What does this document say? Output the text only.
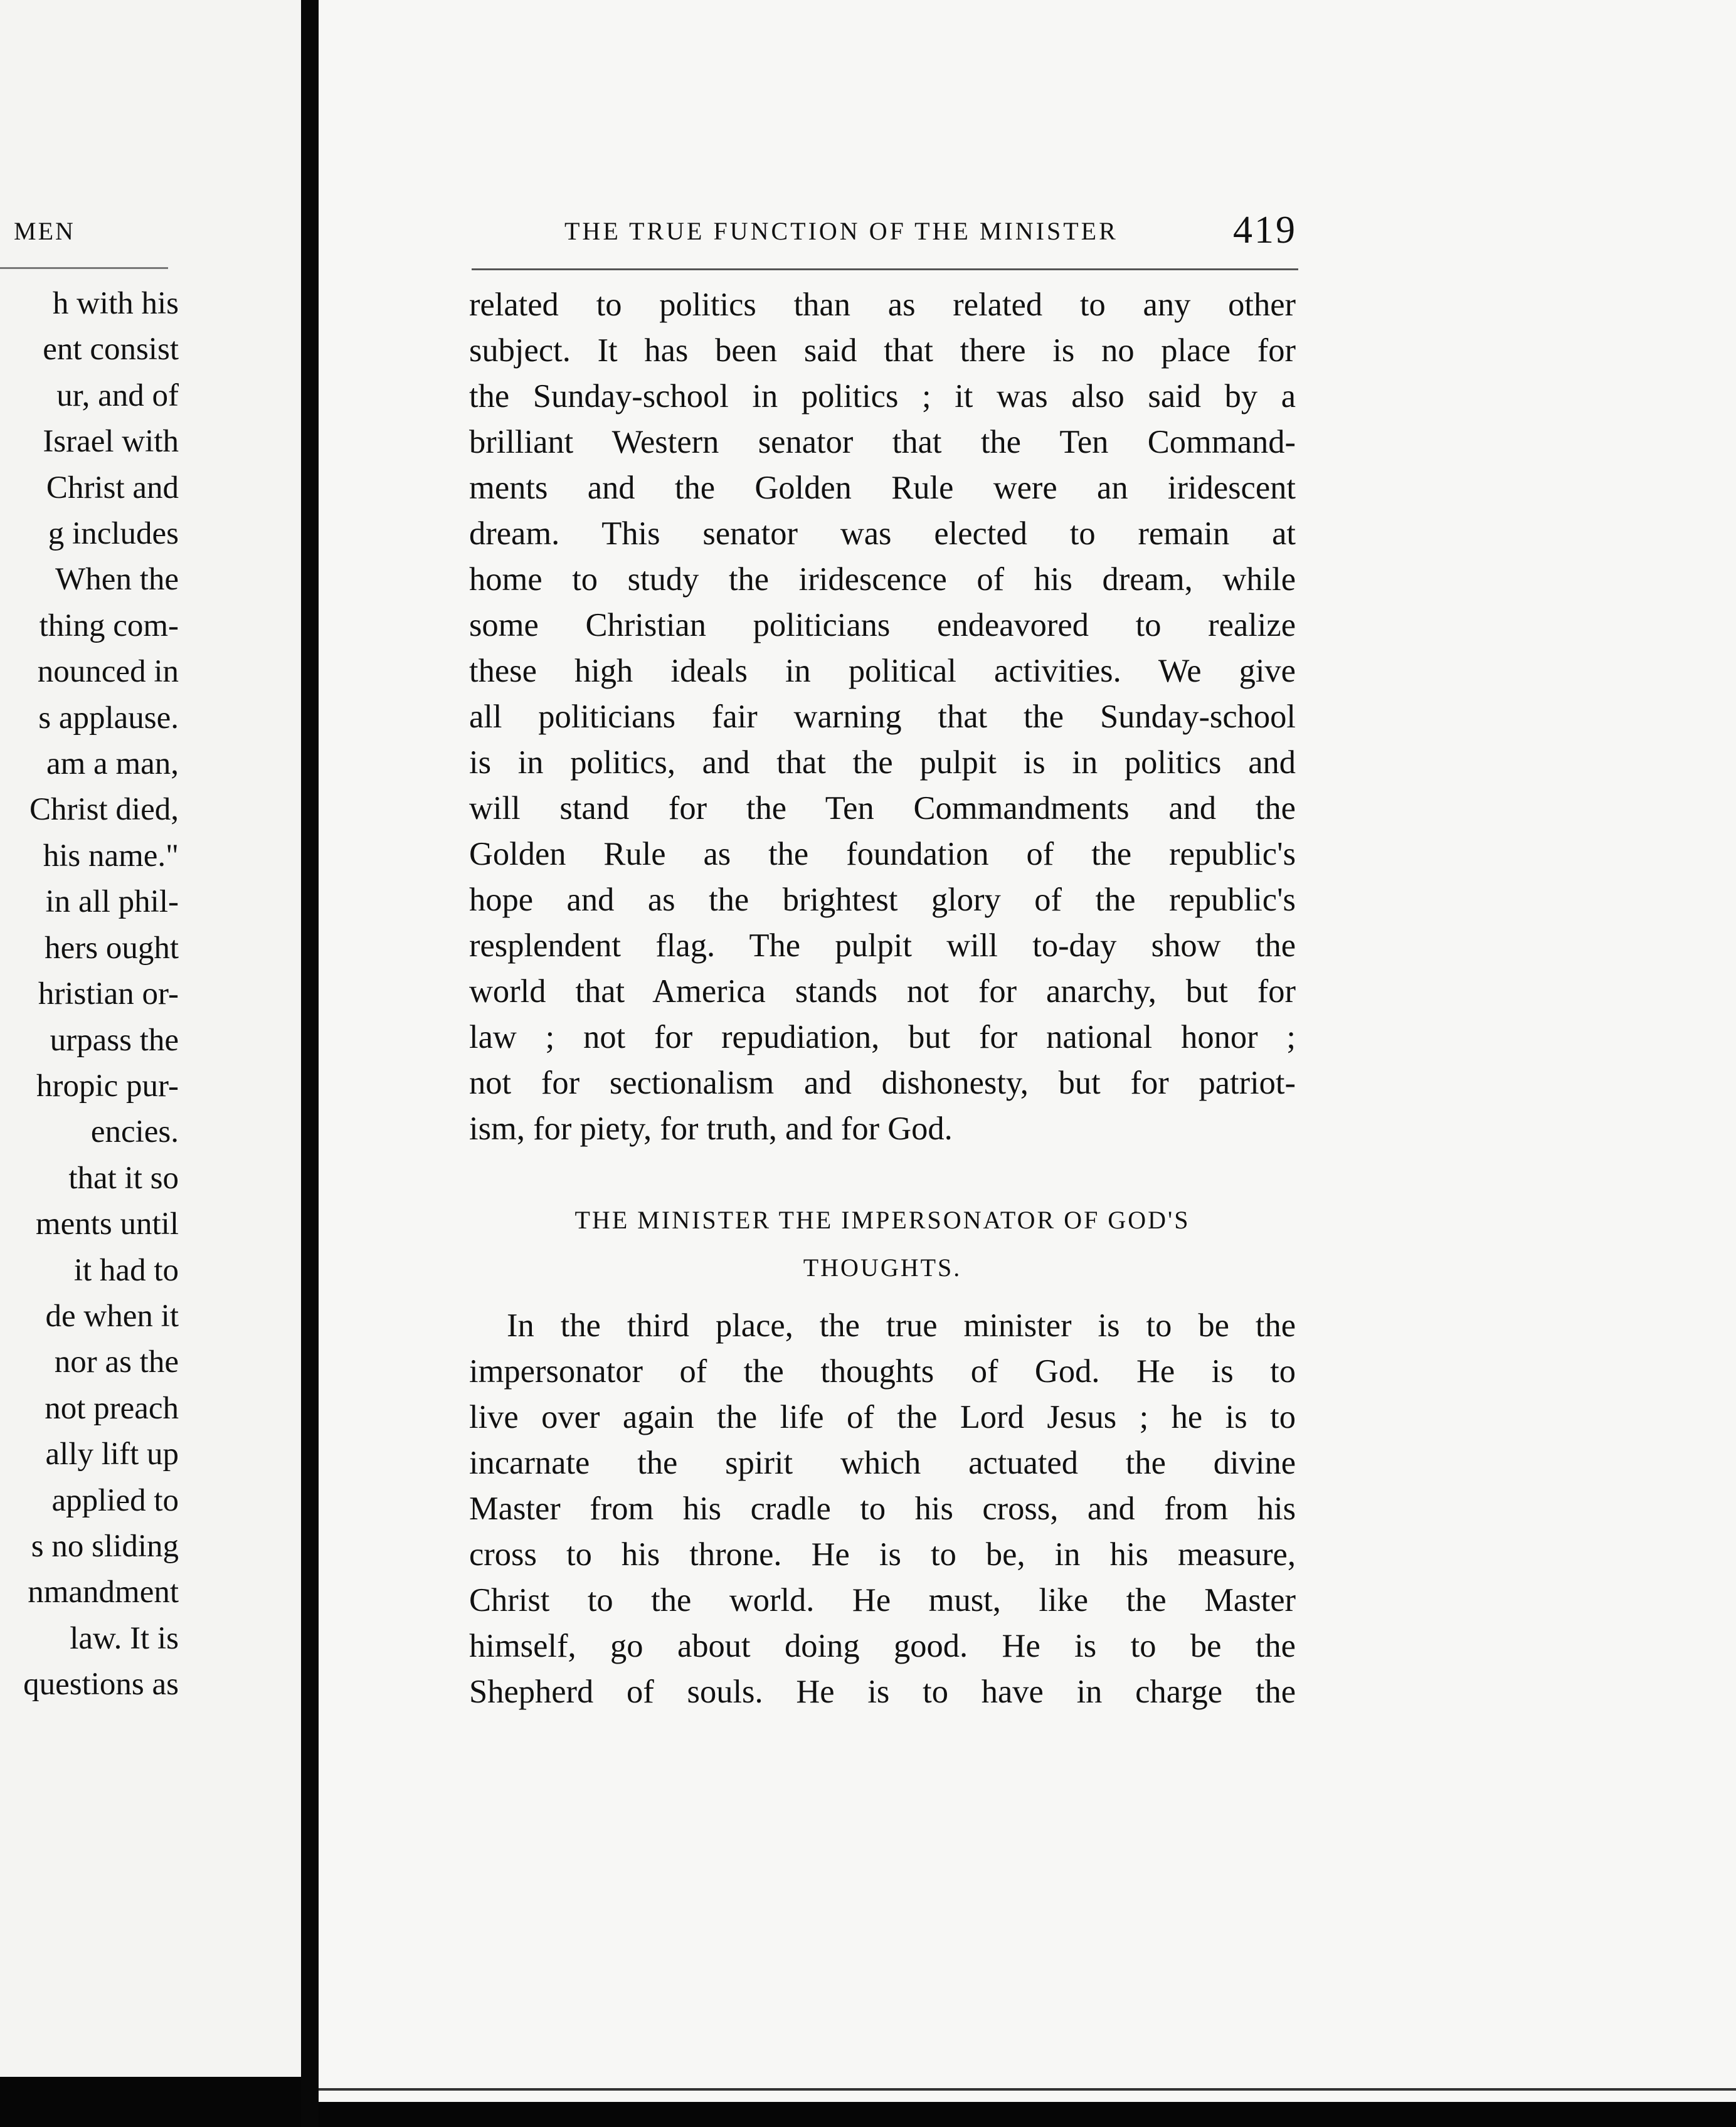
MEN
h with his
ent consist
ur, and of
Israel with
Christ and
g includes
When the
thing com-
nounced in
s applause.
am a man,
Christ died,
his name."
in all phil-
hers ought
hristian or-
urpass the
hropic pur-
encies.
that it so
ments until
it had to
de when it
nor as the
not preach
ally lift up
applied to
s no sliding
nmandment
law. It is
questions as
THE TRUE FUNCTION OF THE MINISTER	419
related to politics than as related to any other
subject. It has been said that there is no place for
the Sunday-school in politics ; it was also said by a
brilliant Western senator that the Ten Command-
ments and the Golden Rule were an iridescent
dream. This senator was elected to remain at
home to study the iridescence of his dream, while
some Christian politicians endeavored to realize
these high ideals in political activities. We give
all politicians fair warning that the Sunday-school
is in politics, and that the pulpit is in politics and
will stand for the Ten Commandments and the
Golden Rule as the foundation of the republic's
hope and as the brightest glory of the republic's
resplendent flag. The pulpit will to-day show the
world that America stands not for anarchy, but for
law ; not for repudiation, but for national honor ;
not for sectionalism and dishonesty, but for patriot-
ism, for piety, for truth, and for God.
THE MINISTER THE IMPERSONATOR OF GOD'S
THOUGHTS.
In the third place, the true minister is to be the
impersonator of the thoughts of God. He is to
live over again the life of the Lord Jesus ; he is to
incarnate the spirit which actuated the divine
Master from his cradle to his cross, and from his
cross to his throne. He is to be, in his measure,
Christ to the world. He must, like the Master
himself, go about doing good. He is to be the
Shepherd of souls. He is to have in charge the
